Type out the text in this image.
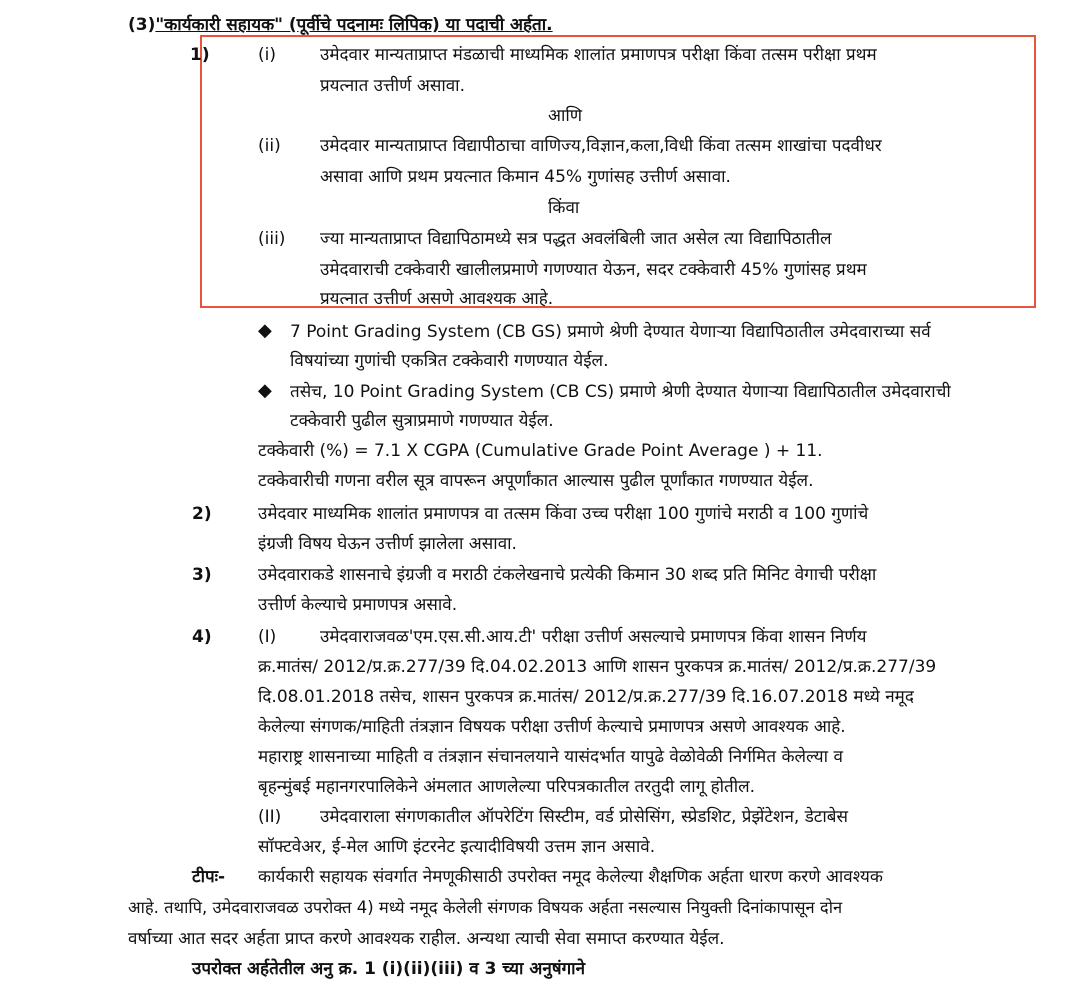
(3)"कार्यकारी सहायक" (पूर्वीचे पदनामः लिपिक) या पदाची अर्हता.
1)	(i)	उमेदवार मान्यताप्राप्त मंडळाची माध्यमिक शालांत प्रमाणपत्र परीक्षा किंवा तत्सम परीक्षा प्रथम
प्रयत्नात उत्तीर्ण असावा.
आणि
(ii) उमेदवार मान्यताप्राप्त विद्यापीठाचा वाणिज्य,विज्ञान,कला,विधी किंवा तत्सम शाखांचा पदवीधर
असावा आणि प्रथम प्रयत्नात किमान 45% गुणांसह उत्तीर्ण असावा.
किंवा
(iii) ज्या मान्यताप्राप्त विद्यापिठामध्ये सत्र पद्धत अवलंबिली जात असेल त्या विद्यापिठातील
उमेदवाराची टक्केवारी खालीलप्रमाणे गणण्यात येऊन, सदर टक्केवारी 45% गुणांसह प्रथम
प्रयत्नात उत्तीर्ण असणे आवश्यक आहे.
◆ 7 Point Grading System (CB GS) प्रमाणे श्रेणी देण्यात येणाऱ्या विद्यापिठातील उमेदवाराच्या सर्व
विषयांच्या गुणांची एकत्रित टक्केवारी गणण्यात येईल.
◆ तसेच, 10 Point Grading System (CB CS) प्रमाणे श्रेणी देण्यात येणाऱ्या विद्यापिठातील उमेदवाराची
टक्केवारी पुढील सुत्राप्रमाणे गणण्यात येईल.
टक्केवारी (%) = 7.1 X CGPA (Cumulative Grade Point Average ) + 11.
टक्केवारीची गणना वरील सूत्र वापरून अपूर्णांकात आल्यास पुढील पूर्णांकात गणण्यात येईल.
2)	उमेदवार माध्यमिक शालांत प्रमाणपत्र वा तत्सम किंवा उच्च परीक्षा 100 गुणांचे मराठी व 100 गुणांचे
इंग्रजी विषय घेऊन उत्तीर्ण झालेला असावा.
3)	उमेदवाराकडे शासनाचे इंग्रजी व मराठी टंकलेखनाचे प्रत्येकी किमान 30 शब्द प्रति मिनिट वेगाची परीक्षा
उत्तीर्ण केल्याचे प्रमाणपत्र असावे.
4)	(I)	उमेदवाराजवळ'एम.एस.सी.आय.टी' परीक्षा उत्तीर्ण असल्याचे प्रमाणपत्र किंवा शासन निर्णय
क्र.मातंस/ 2012/प्र.क्र.277/39 दि.04.02.2013 आणि शासन पुरकपत्र क्र.मातंस/ 2012/प्र.क्र.277/39
दि.08.01.2018 तसेच, शासन पुरकपत्र क्र.मातंस/ 2012/प्र.क्र.277/39 दि.16.07.2018 मध्ये नमूद
केलेल्या संगणक/माहिती तंत्रज्ञान विषयक परीक्षा उत्तीर्ण केल्याचे प्रमाणपत्र असणे आवश्यक आहे.
महाराष्ट्र शासनाच्या माहिती व तंत्रज्ञान संचानलयाने यासंदर्भात यापुढे वेळोवेळी निर्गमित केलेल्या व
बृहन्मुंबई महानगरपालिकेने अंमलात आणलेल्या परिपत्रकातील तरतुदी लागू होतील.
(II) उमेदवाराला संगणकातील ऑपरेटिंग सिस्टीम, वर्ड प्रोसेसिंग, स्प्रेडशिट, प्रेझेंटेशन, डेटाबेस
सॉफ्टवेअर, ई-मेल आणि इंटरनेट इत्यादीविषयी उत्तम ज्ञान असावे.
टीपः- कार्यकारी सहायक संवर्गात नेमणूकीसाठी उपरोक्त नमूद केलेल्या शैक्षणिक अर्हता धारण करणे आवश्यक
आहे. तथापि, उमेदवाराजवळ उपरोक्त 4) मध्ये नमूद केलेली संगणक विषयक अर्हता नसल्यास नियुक्ती दिनांकापासून दोन
वर्षाच्या आत सदर अर्हता प्राप्त करणे आवश्यक राहील. अन्यथा त्याची सेवा समाप्त करण्यात येईल.
उपरोक्त अर्हतेतील अनु क्र. 1 (i)(ii)(iii) व 3 च्या अनुषंगाने
